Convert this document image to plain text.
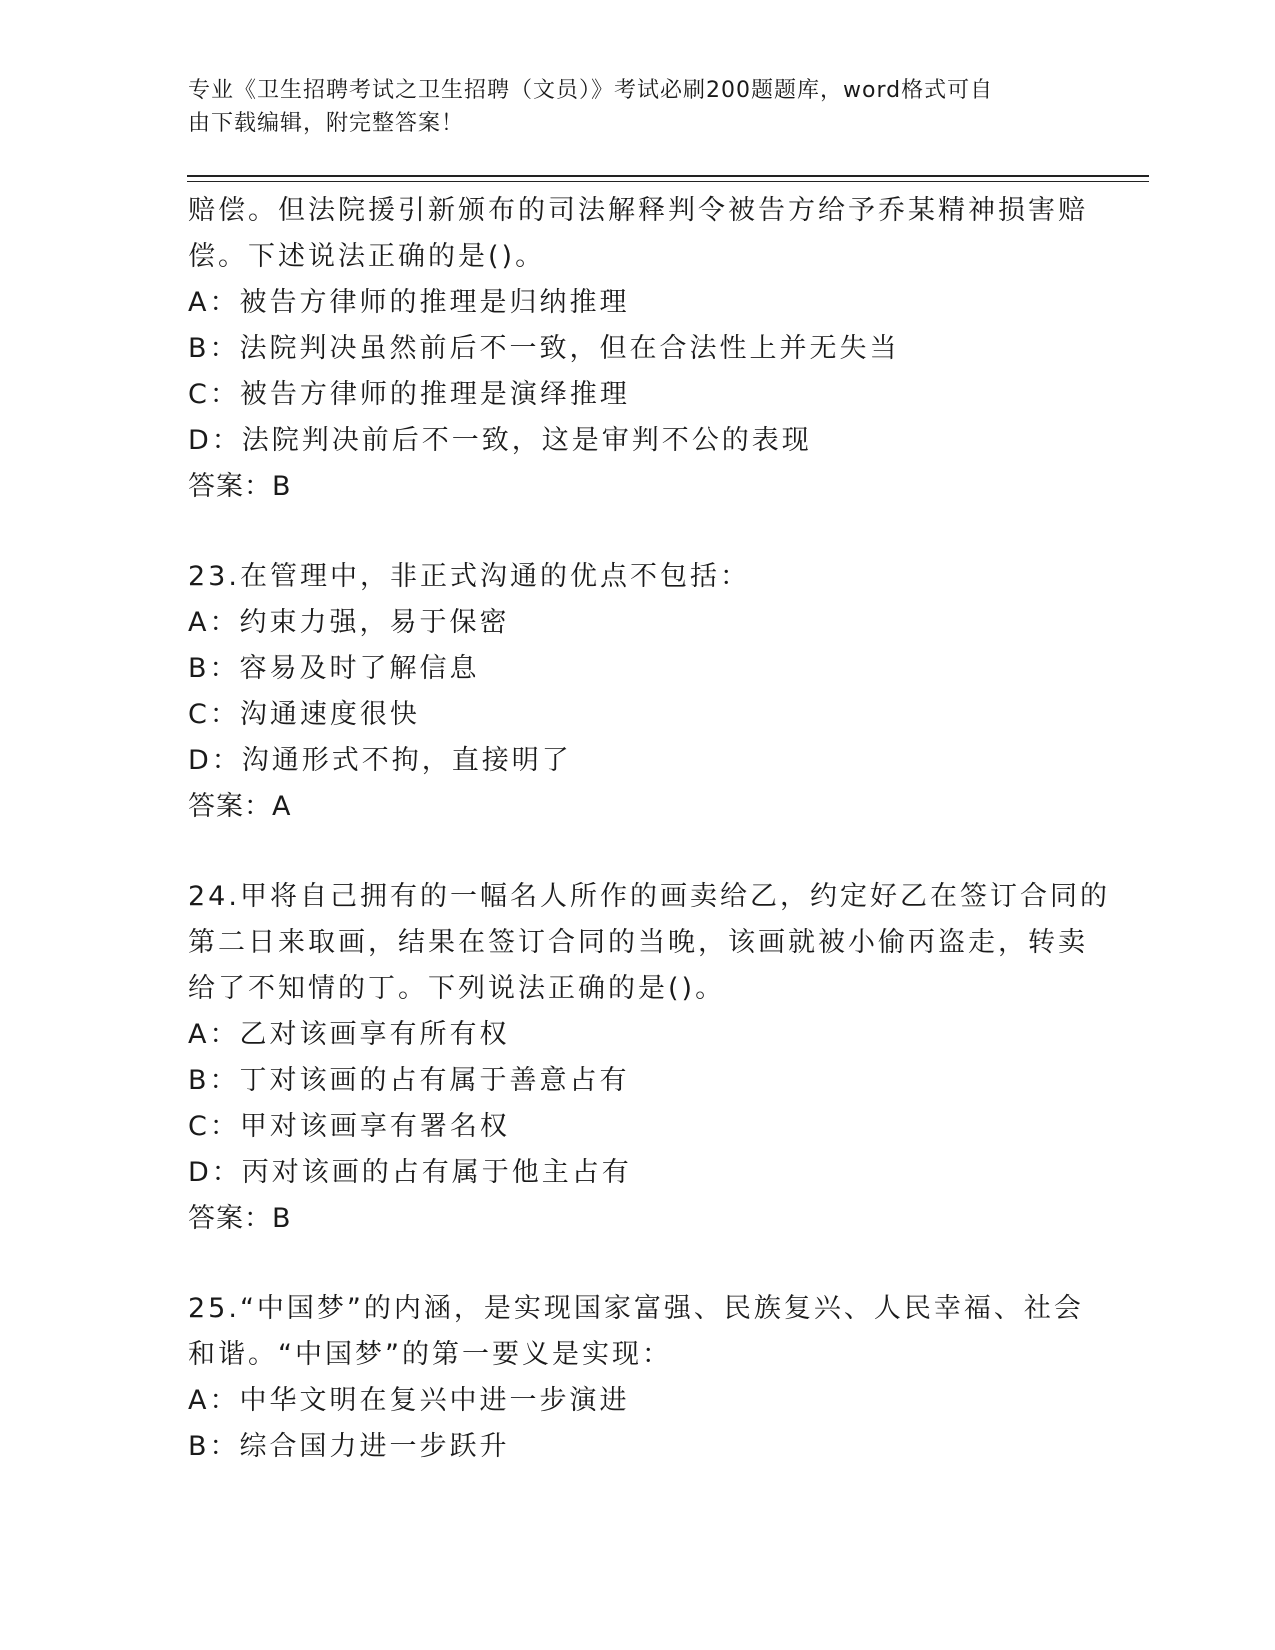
专业《卫生招聘考试之卫生招聘（文员）》考试必刷200题题库，word格式可自
由下载编辑，附完整答案！
赔偿。但法院援引新颁布的司法解释判令被告方给予乔某精神损害赔
偿。下述说法正确的是()。
A：被告方律师的推理是归纳推理
B：法院判决虽然前后不一致，但在合法性上并无失当
C：被告方律师的推理是演绎推理
D：法院判决前后不一致，这是审判不公的表现
答案：B
23.在管理中，非正式沟通的优点不包括：
A：约束力强，易于保密
B：容易及时了解信息
C：沟通速度很快
D：沟通形式不拘，直接明了
答案：A
24.甲将自己拥有的一幅名人所作的画卖给乙，约定好乙在签订合同的
第二日来取画，结果在签订合同的当晚，该画就被小偷丙盗走，转卖
给了不知情的丁。下列说法正确的是()。
A：乙对该画享有所有权
B：丁对该画的占有属于善意占有
C：甲对该画享有署名权
D：丙对该画的占有属于他主占有
答案：B
25.“中国梦”的内涵，是实现国家富强、民族复兴、人民幸福、社会
和谐。“中国梦”的第一要义是实现：
A：中华文明在复兴中进一步演进
B：综合国力进一步跃升
